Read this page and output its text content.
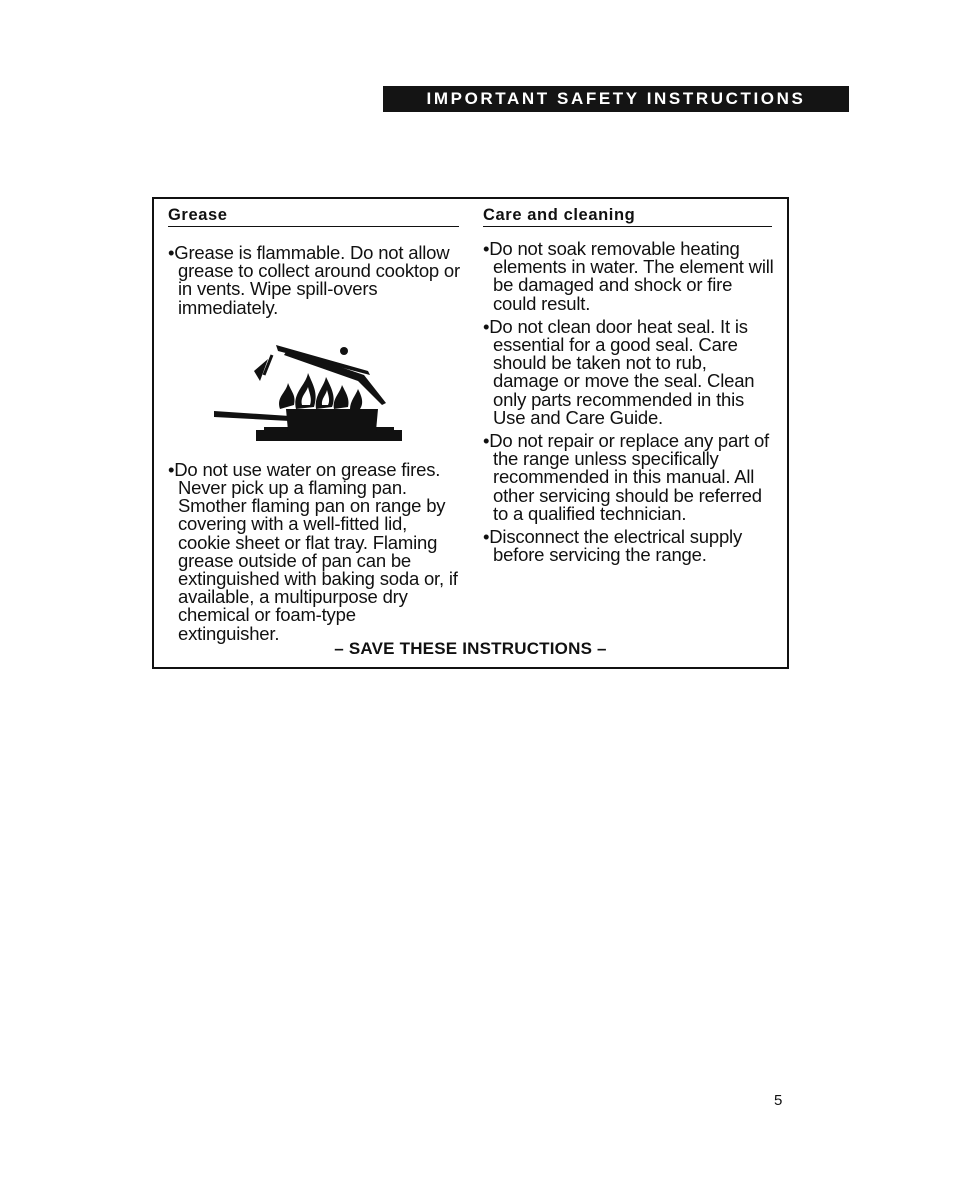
IMPORTANT SAFETY INSTRUCTIONS
Grease
•Grease is flammable. Do not allow grease to collect around cooktop or in vents. Wipe spill-overs immediately.
•Do not use water on grease fires. Never pick up a flaming pan. Smother flaming pan on range by covering with a well-fitted lid, cookie sheet or flat tray. Flaming grease outside of pan can be extinguished with baking soda or, if available, a multipurpose dry chemical or foam-type extinguisher.
Care and cleaning
•Do not soak removable heating elements in water. The element will be damaged and shock or fire could result.
•Do not clean door heat seal. It is essential for a good seal. Care should be taken not to rub, damage or move the seal. Clean only parts recommended in this Use and Care Guide.
•Do not repair or replace any part of the range unless specifically recommended in this manual. All other servicing should be referred to a qualified technician.
•Disconnect the electrical supply before servicing the range.
– SAVE THESE INSTRUCTIONS –
5
